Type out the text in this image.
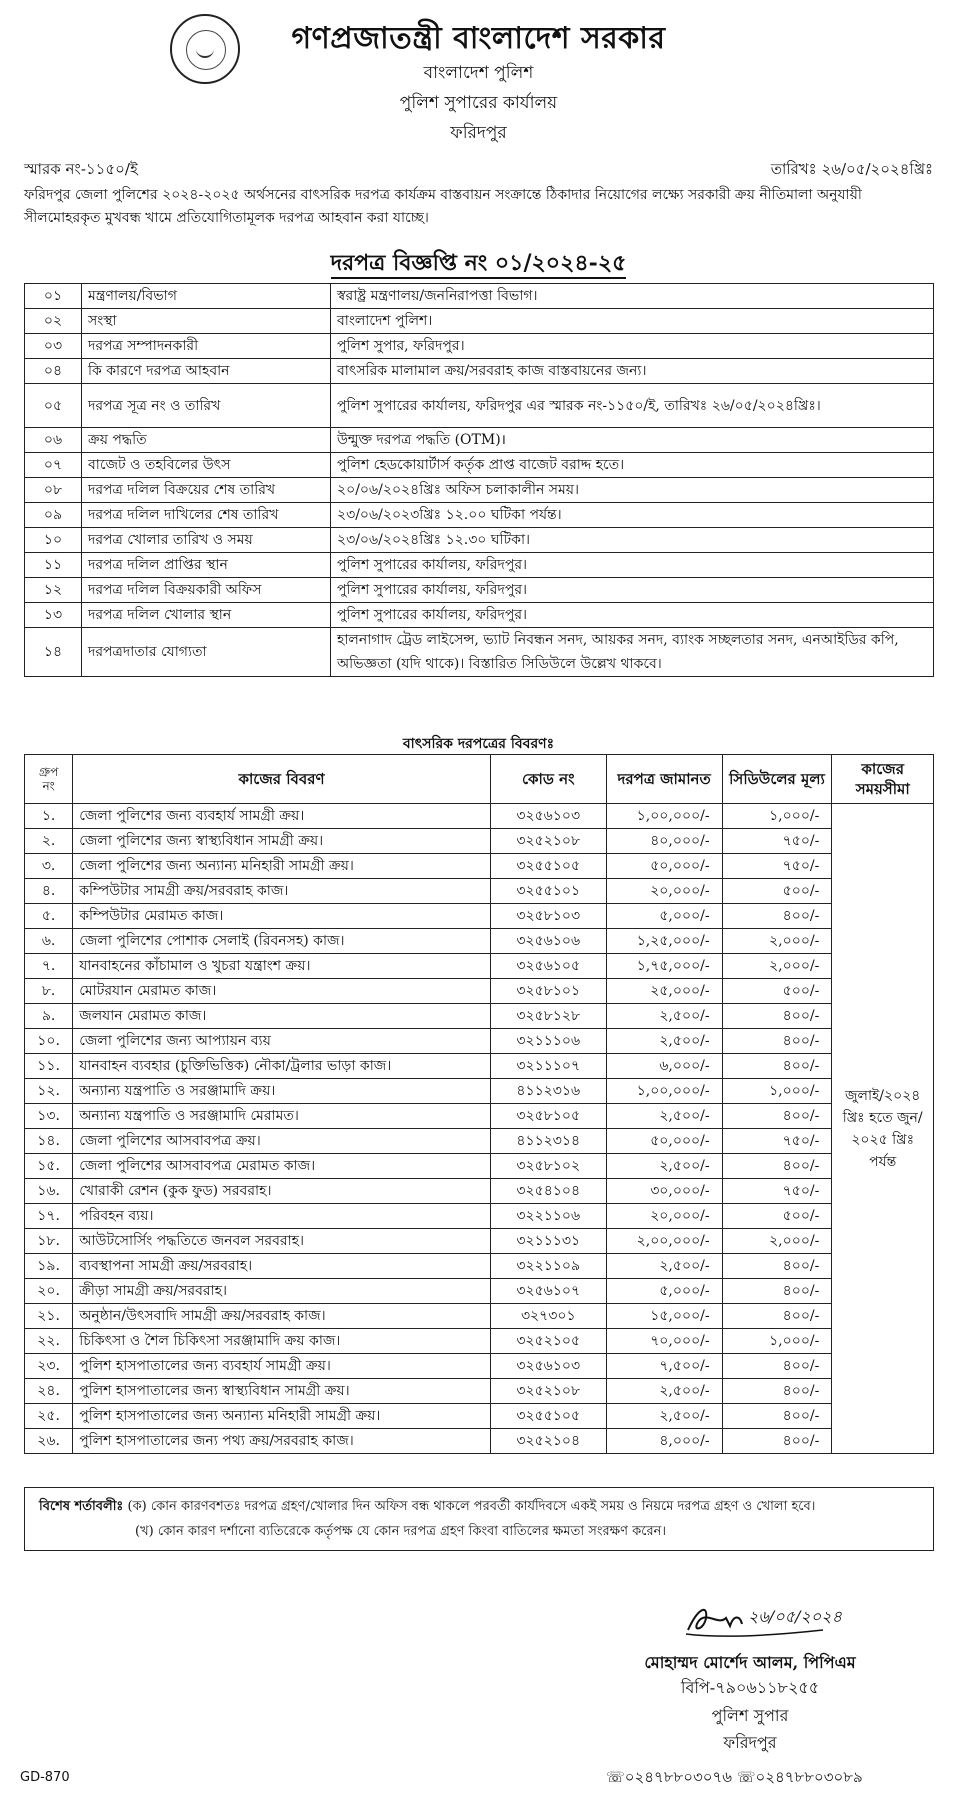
গণপ্রজাতন্ত্রী বাংলাদেশ সরকার
বাংলাদেশ পুলিশ
পুলিশ সুপারের কার্যালয়
ফরিদপুর
স্মারক নং-১১৫০/ই	তারিখঃ ২৬/০৫/২০২৪খ্রিঃ
ফরিদপুর জেলা পুলিশের ২০২৪-২০২৫ অর্থসনের বাৎসরিক দরপত্র কার্যক্রম বাস্তবায়ন সংক্রান্তে ঠিকাদার নিয়োগের লক্ষ্যে সরকারী ক্রয় নীতিমালা অনুযায়ী সীলমোহরকৃত মুখবন্ধ খামে প্রতিযোগিতামূলক দরপত্র আহবান করা যাচ্ছে।
দরপত্র বিজ্ঞপ্তি নং ০১/২০২৪-২৫
০১	মন্ত্রণালয়/বিভাগ	স্বরাষ্ট্র মন্ত্রণালয়/জননিরাপত্তা বিভাগ।
০২	সংস্থা	বাংলাদেশ পুলিশ।
০৩	দরপত্র সম্পাদনকারী	পুলিশ সুপার, ফরিদপুর।
০৪	কি কারণে দরপত্র আহবান	বাৎসরিক মালামাল ক্রয়/সরবরাহ কাজ বাস্তবায়নের জন্য।
০৫	দরপত্র সূত্র নং ও তারিখ	পুলিশ সুপারের কার্যালয়, ফরিদপুর এর স্মারক নং-১১৫০/ই, তারিখঃ ২৬/০৫/২০২৪খ্রিঃ।
০৬	ক্রয় পদ্ধতি	উন্মুক্ত দরপত্র পদ্ধতি (OTM)।
০৭	বাজেট ও তহবিলের উৎস	পুলিশ হেডকোয়ার্টার্স কর্তৃক প্রাপ্ত বাজেট বরাদ্দ হতে।
০৮	দরপত্র দলিল বিক্রয়ের শেষ তারিখ	২০/০৬/২০২৪খ্রিঃ অফিস চলাকালীন সময়।
০৯	দরপত্র দলিল দাখিলের শেষ তারিখ	২৩/০৬/২০২৩খ্রিঃ ১২.০০ ঘটিকা পর্যন্ত।
১০	দরপত্র খোলার তারিখ ও সময়	২৩/০৬/২০২৪খ্রিঃ ১২.৩০ ঘটিকা।
১১	দরপত্র দলিল প্রাপ্তির স্থান	পুলিশ সুপারের কার্যালয়, ফরিদপুর।
১২	দরপত্র দলিল বিক্রয়কারী অফিস	পুলিশ সুপারের কার্যালয়, ফরিদপুর।
১৩	দরপত্র দলিল খোলার স্থান	পুলিশ সুপারের কার্যালয়, ফরিদপুর।
১৪	দরপত্রদাতার যোগ্যতা	হালনাগাদ ট্রেড লাইসেন্স, ভ্যাট নিবন্ধন সনদ, আয়কর সনদ, ব্যাংক সচ্ছলতার সনদ, এনআইডির কপি, অভিজ্ঞতা (যদি থাকে)। বিস্তারিত সিডিউলে উল্লেখ থাকবে।
বাৎসরিক দরপত্রের বিবরণঃ
গ্রুপ নং	কাজের বিবরণ	কোড নং	দরপত্র জামানত	সিডিউলের মূল্য	কাজের সময়সীমা
১.	জেলা পুলিশের জন্য ব্যবহার্য সামগ্রী ক্রয়।	৩২৫৬১০৩	১,০০,০০০/-	১,০০০/-	জুলাই/২০২৪ খ্রিঃ হতে জুন/২০২৫ খ্রিঃ পর্যন্ত
২.	জেলা পুলিশের জন্য স্বাস্থ্যবিধান সামগ্রী ক্রয়।	৩২৫২১০৮	৪০,০০০/-	৭৫০/-	
৩.	জেলা পুলিশের জন্য অন্যান্য মনিহারী সামগ্রী ক্রয়।	৩২৫৫১০৫	৫০,০০০/-	৭৫০/-	
৪.	কম্পিউটার সামগ্রী ক্রয়/সরবরাহ কাজ।	৩২৫৫১০১	২০,০০০/-	৫০০/-	
৫.	কম্পিউটার মেরামত কাজ।	৩২৫৮১০৩	৫,০০০/-	৪০০/-	
৬.	জেলা পুলিশের পোশাক সেলাই (রিবনসহ) কাজ।	৩২৫৬১০৬	১,২৫,০০০/-	২,০০০/-	
৭.	যানবাহনের কাঁচামাল ও খুচরা যন্ত্রাংশ ক্রয়।	৩২৫৬১০৫	১,৭৫,০০০/-	২,০০০/-	
৮.	মোটরযান মেরামত কাজ।	৩২৫৮১০১	২৫,০০০/-	৫০০/-	
৯.	জলযান মেরামত কাজ।	৩২৫৮১২৮	২,৫০০/-	৪০০/-	
১০.	জেলা পুলিশের জন্য আপ্যায়ন ব্যয়	৩২১১১০৬	২,৫০০/-	৪০০/-	
১১.	যানবাহন ব্যবহার (চুক্তিভিত্তিক) নৌকা/ট্রলার ভাড়া কাজ।	৩২১১১০৭	৬,০০০/-	৪০০/-	
১২.	অন্যান্য যন্ত্রপাতি ও সরঞ্জামাদি ক্রয়।	৪১১২৩১৬	১,০০,০০০/-	১,০০০/-	
১৩.	অন্যান্য যন্ত্রপাতি ও সরঞ্জামাদি মেরামত।	৩২৫৮১০৫	২,৫০০/-	৪০০/-	
১৪.	জেলা পুলিশের আসবাবপত্র ক্রয়।	৪১১২৩১৪	৫০,০০০/-	৭৫০/-	
১৫.	জেলা পুলিশের আসবাবপত্র মেরামত কাজ।	৩২৫৮১০২	২,৫০০/-	৪০০/-	
১৬.	খোরাকী রেশন (কুক ফুড) সরবরাহ।	৩২৫৪১০৪	৩০,০০০/-	৭৫০/-	
১৭.	পরিবহন ব্যয়।	৩২২১১০৬	২০,০০০/-	৫০০/-	
১৮.	আউটসোর্সিং পদ্ধতিতে জনবল সরবরাহ।	৩২১১১৩১	২,০০,০০০/-	২,০০০/-	
১৯.	ব্যবস্থাপনা সামগ্রী ক্রয়/সরবরাহ।	৩২২১১০৯	২,৫০০/-	৪০০/-	
২০.	ক্রীড়া সামগ্রী ক্রয়/সরবরাহ।	৩২৫৬১০৭	৫,০০০/-	৪০০/-	
২১.	অনুষ্ঠান/উৎসবাদি সামগ্রী ক্রয়/সরবরাহ কাজ।	৩২৭৩০১	১৫,০০০/-	৪০০/-	
২২.	চিকিৎসা ও শৈল চিকিৎসা সরঞ্জামাদি ক্রয় কাজ।	৩২৫২১০৫	৭০,০০০/-	১,০০০/-	
২৩.	পুলিশ হাসপাতালের জন্য ব্যবহার্য সামগ্রী ক্রয়।	৩২৫৬১০৩	৭,৫০০/-	৪০০/-	
২৪.	পুলিশ হাসপাতালের জন্য স্বাস্থ্যবিধান সামগ্রী ক্রয়।	৩২৫২১০৮	২,৫০০/-	৪০০/-	
২৫.	পুলিশ হাসপাতালের জন্য অন্যান্য মনিহারী সামগ্রী ক্রয়।	৩২৫৫১০৫	২,৫০০/-	৪০০/-	
২৬.	পুলিশ হাসপাতালের জন্য পথ্য ক্রয়/সরবরাহ কাজ।	৩২৫২১০৪	৪,০০০/-	৪০০/-	
বিশেষ শর্তাবলীঃ (ক) কোন কারণবশতঃ দরপত্র গ্রহণ/খোলার দিন অফিস বন্ধ থাকলে পরবর্তী কার্যদিবসে একই সময় ও নিয়মে দরপত্র গ্রহণ ও খোলা হবে।
(খ) কোন কারণ দর্শানো ব্যতিরেকে কর্তৃপক্ষ যে কোন দরপত্র গ্রহণ কিংবা বাতিলের ক্ষমতা সংরক্ষণ করেন।
২৬/০৫/২০২৪
মোহাম্মদ মোর্শেদ আলম, পিপিএম
বিপি-৭৯০৬১১৮২৫৫
পুলিশ সুপার
ফরিদপুর
GD-870	☏০২৪৭৮৮০৩০৭৬ ☏০২৪৭৮৮০৩০৮৯
